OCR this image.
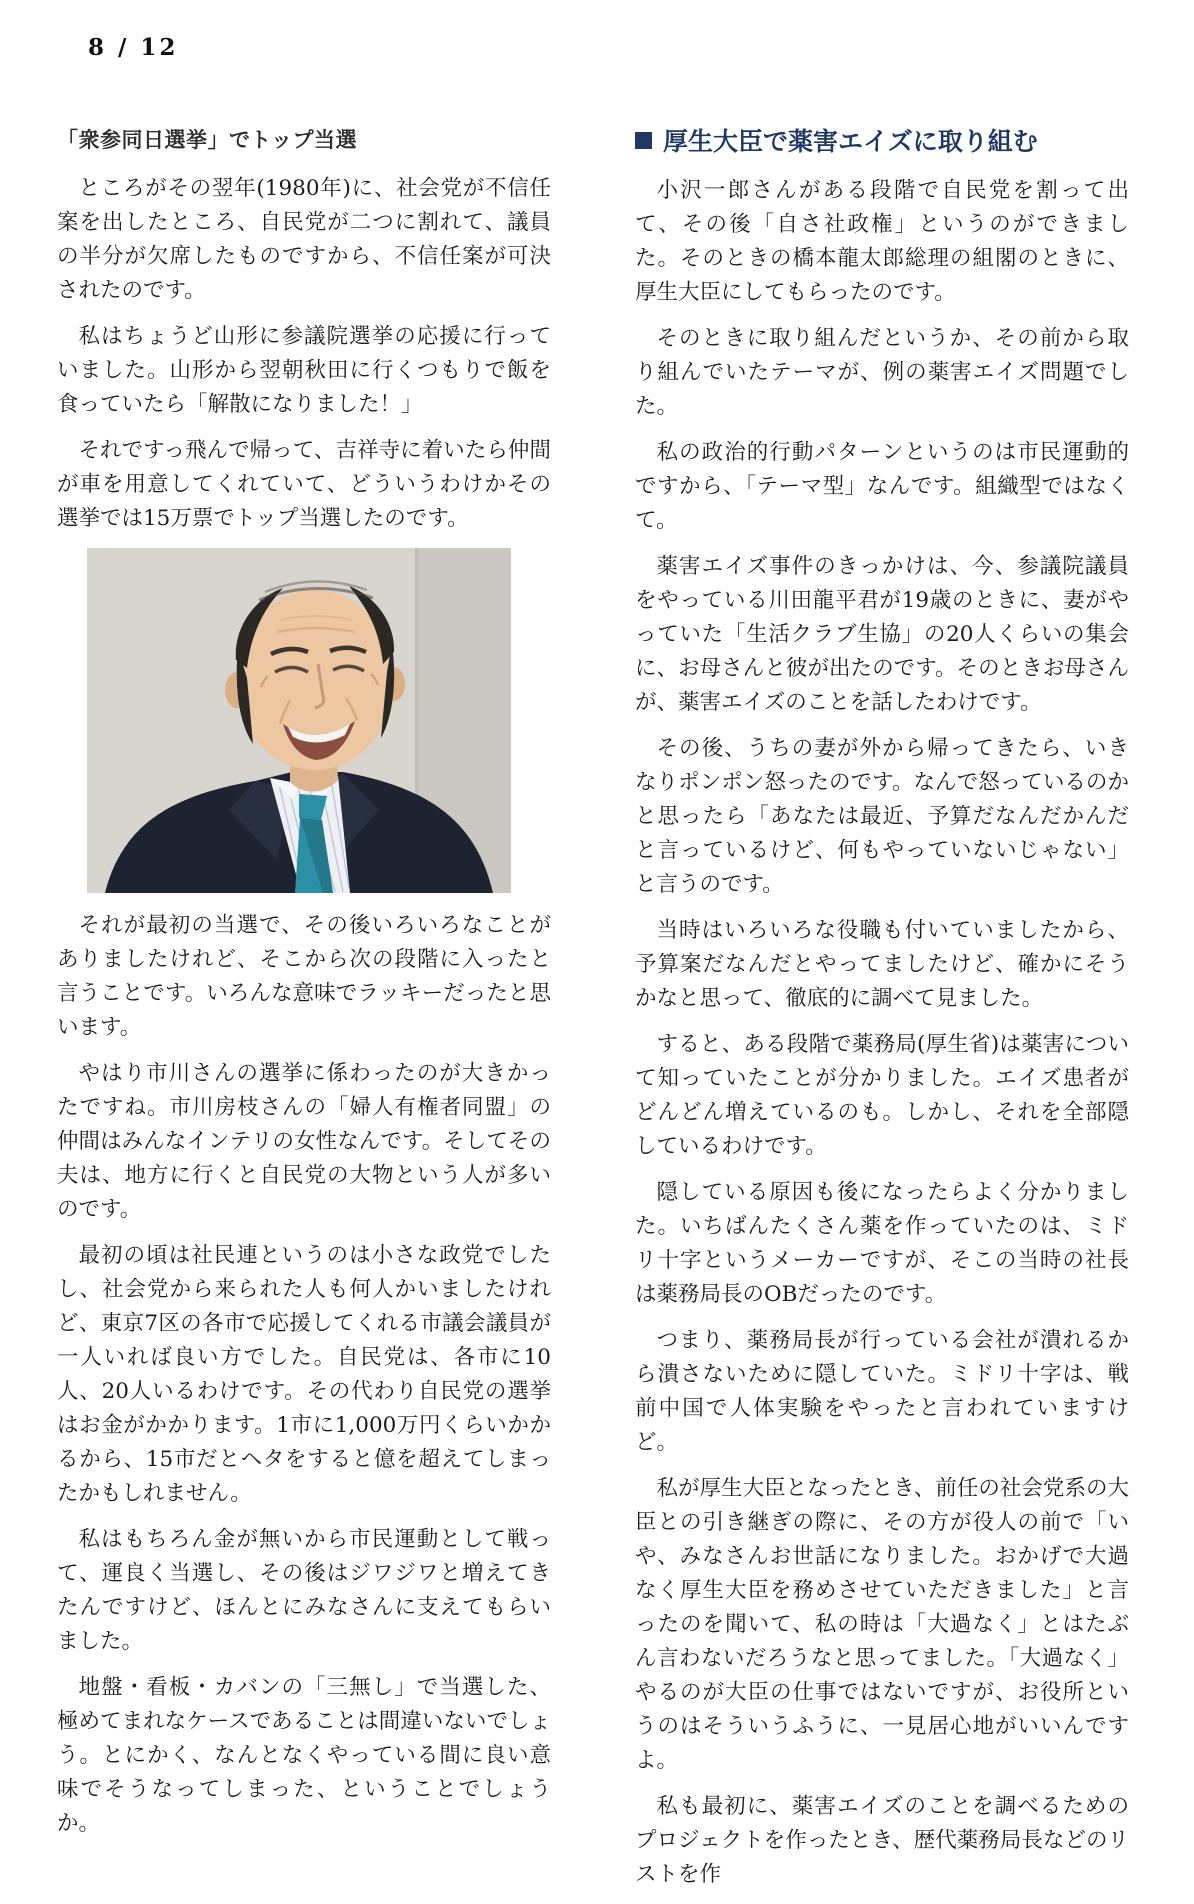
8 / 12
「衆参同日選挙」でトップ当選

ところがその翌年(1980年)に、社会党が不信任案を出したところ、自民党が二つに割れて、議員の半分が欠席したものですから、不信任案が可決されたのです。

私はちょうど山形に参議院選挙の応援に行っていました。山形から翌朝秋田に行くつもりで飯を食っていたら「解散になりました！」

それですっ飛んで帰って、吉祥寺に着いたら仲間が車を用意してくれていて、どういうわけかその選挙では15万票でトップ当選したのです。

それが最初の当選で、その後いろいろなことがありましたけれど、そこから次の段階に入ったと言うことです。いろんな意味でラッキーだったと思います。

やはり市川さんの選挙に係わったのが大きかったですね。市川房枝さんの「婦人有権者同盟」の仲間はみんなインテリの女性なんです。そしてその夫は、地方に行くと自民党の大物という人が多いのです。

最初の頃は社民連というのは小さな政党でしたし、社会党から来られた人も何人かいましたけれど、東京7区の各市で応援してくれる市議会議員が一人いれば良い方でした。自民党は、各市に10人、20人いるわけです。その代わり自民党の選挙はお金がかかります。1市に1,000万円くらいかかるから、15市だとヘタをすると億を超えてしまったかもしれません。

私はもちろん金が無いから市民運動として戦って、運良く当選し、その後はジワジワと増えてきたんですけど、ほんとにみなさんに支えてもらいました。

地盤・看板・カバンの「三無し」で当選した、極めてまれなケースであることは間違いないでしょう。とにかく、なんとなくやっている間に良い意味でそうなってしまった、ということでしょうか。

厚生大臣で薬害エイズに取り組む

小沢一郎さんがある段階で自民党を割って出て、その後「自さ社政権」というのができました。そのときの橋本龍太郎総理の組閣のときに、厚生大臣にしてもらったのです。

そのときに取り組んだというか、その前から取り組んでいたテーマが、例の薬害エイズ問題でした。

私の政治的行動パターンというのは市民運動的ですから、「テーマ型」なんです。組織型ではなくて。

薬害エイズ事件のきっかけは、今、参議院議員をやっている川田龍平君が19歳のときに、妻がやっていた「生活クラブ生協」の20人くらいの集会に、お母さんと彼が出たのです。そのときお母さんが、薬害エイズのことを話したわけです。

その後、うちの妻が外から帰ってきたら、いきなりポンポン怒ったのです。なんで怒っているのかと思ったら「あなたは最近、予算だなんだかんだと言っているけど、何もやっていないじゃない」と言うのです。

当時はいろいろな役職も付いていましたから、予算案だなんだとやってましたけど、確かにそうかなと思って、徹底的に調べて見ました。

すると、ある段階で薬務局(厚生省)は薬害について知っていたことが分かりました。エイズ患者がどんどん増えているのも。しかし、それを全部隠しているわけです。

隠している原因も後になったらよく分かりました。いちばんたくさん薬を作っていたのは、ミドリ十字というメーカーですが、そこの当時の社長は薬務局長のOBだったのです。

つまり、薬務局長が行っている会社が潰れるから潰さないために隠していた。ミドリ十字は、戦前中国で人体実験をやったと言われていますけど。

私が厚生大臣となったとき、前任の社会党系の大臣との引き継ぎの際に、その方が役人の前で「いや、みなさんお世話になりました。おかげで大過なく厚生大臣を務めさせていただきました」と言ったのを聞いて、私の時は「大過なく」とはたぶん言わないだろうなと思ってました。「大過なく」やるのが大臣の仕事ではないですが、お役所というのはそういうふうに、一見居心地がいいんですよ。

私も最初に、薬害エイズのことを調べるためのプロジェクトを作ったとき、歴代薬務局長などのリストを作
